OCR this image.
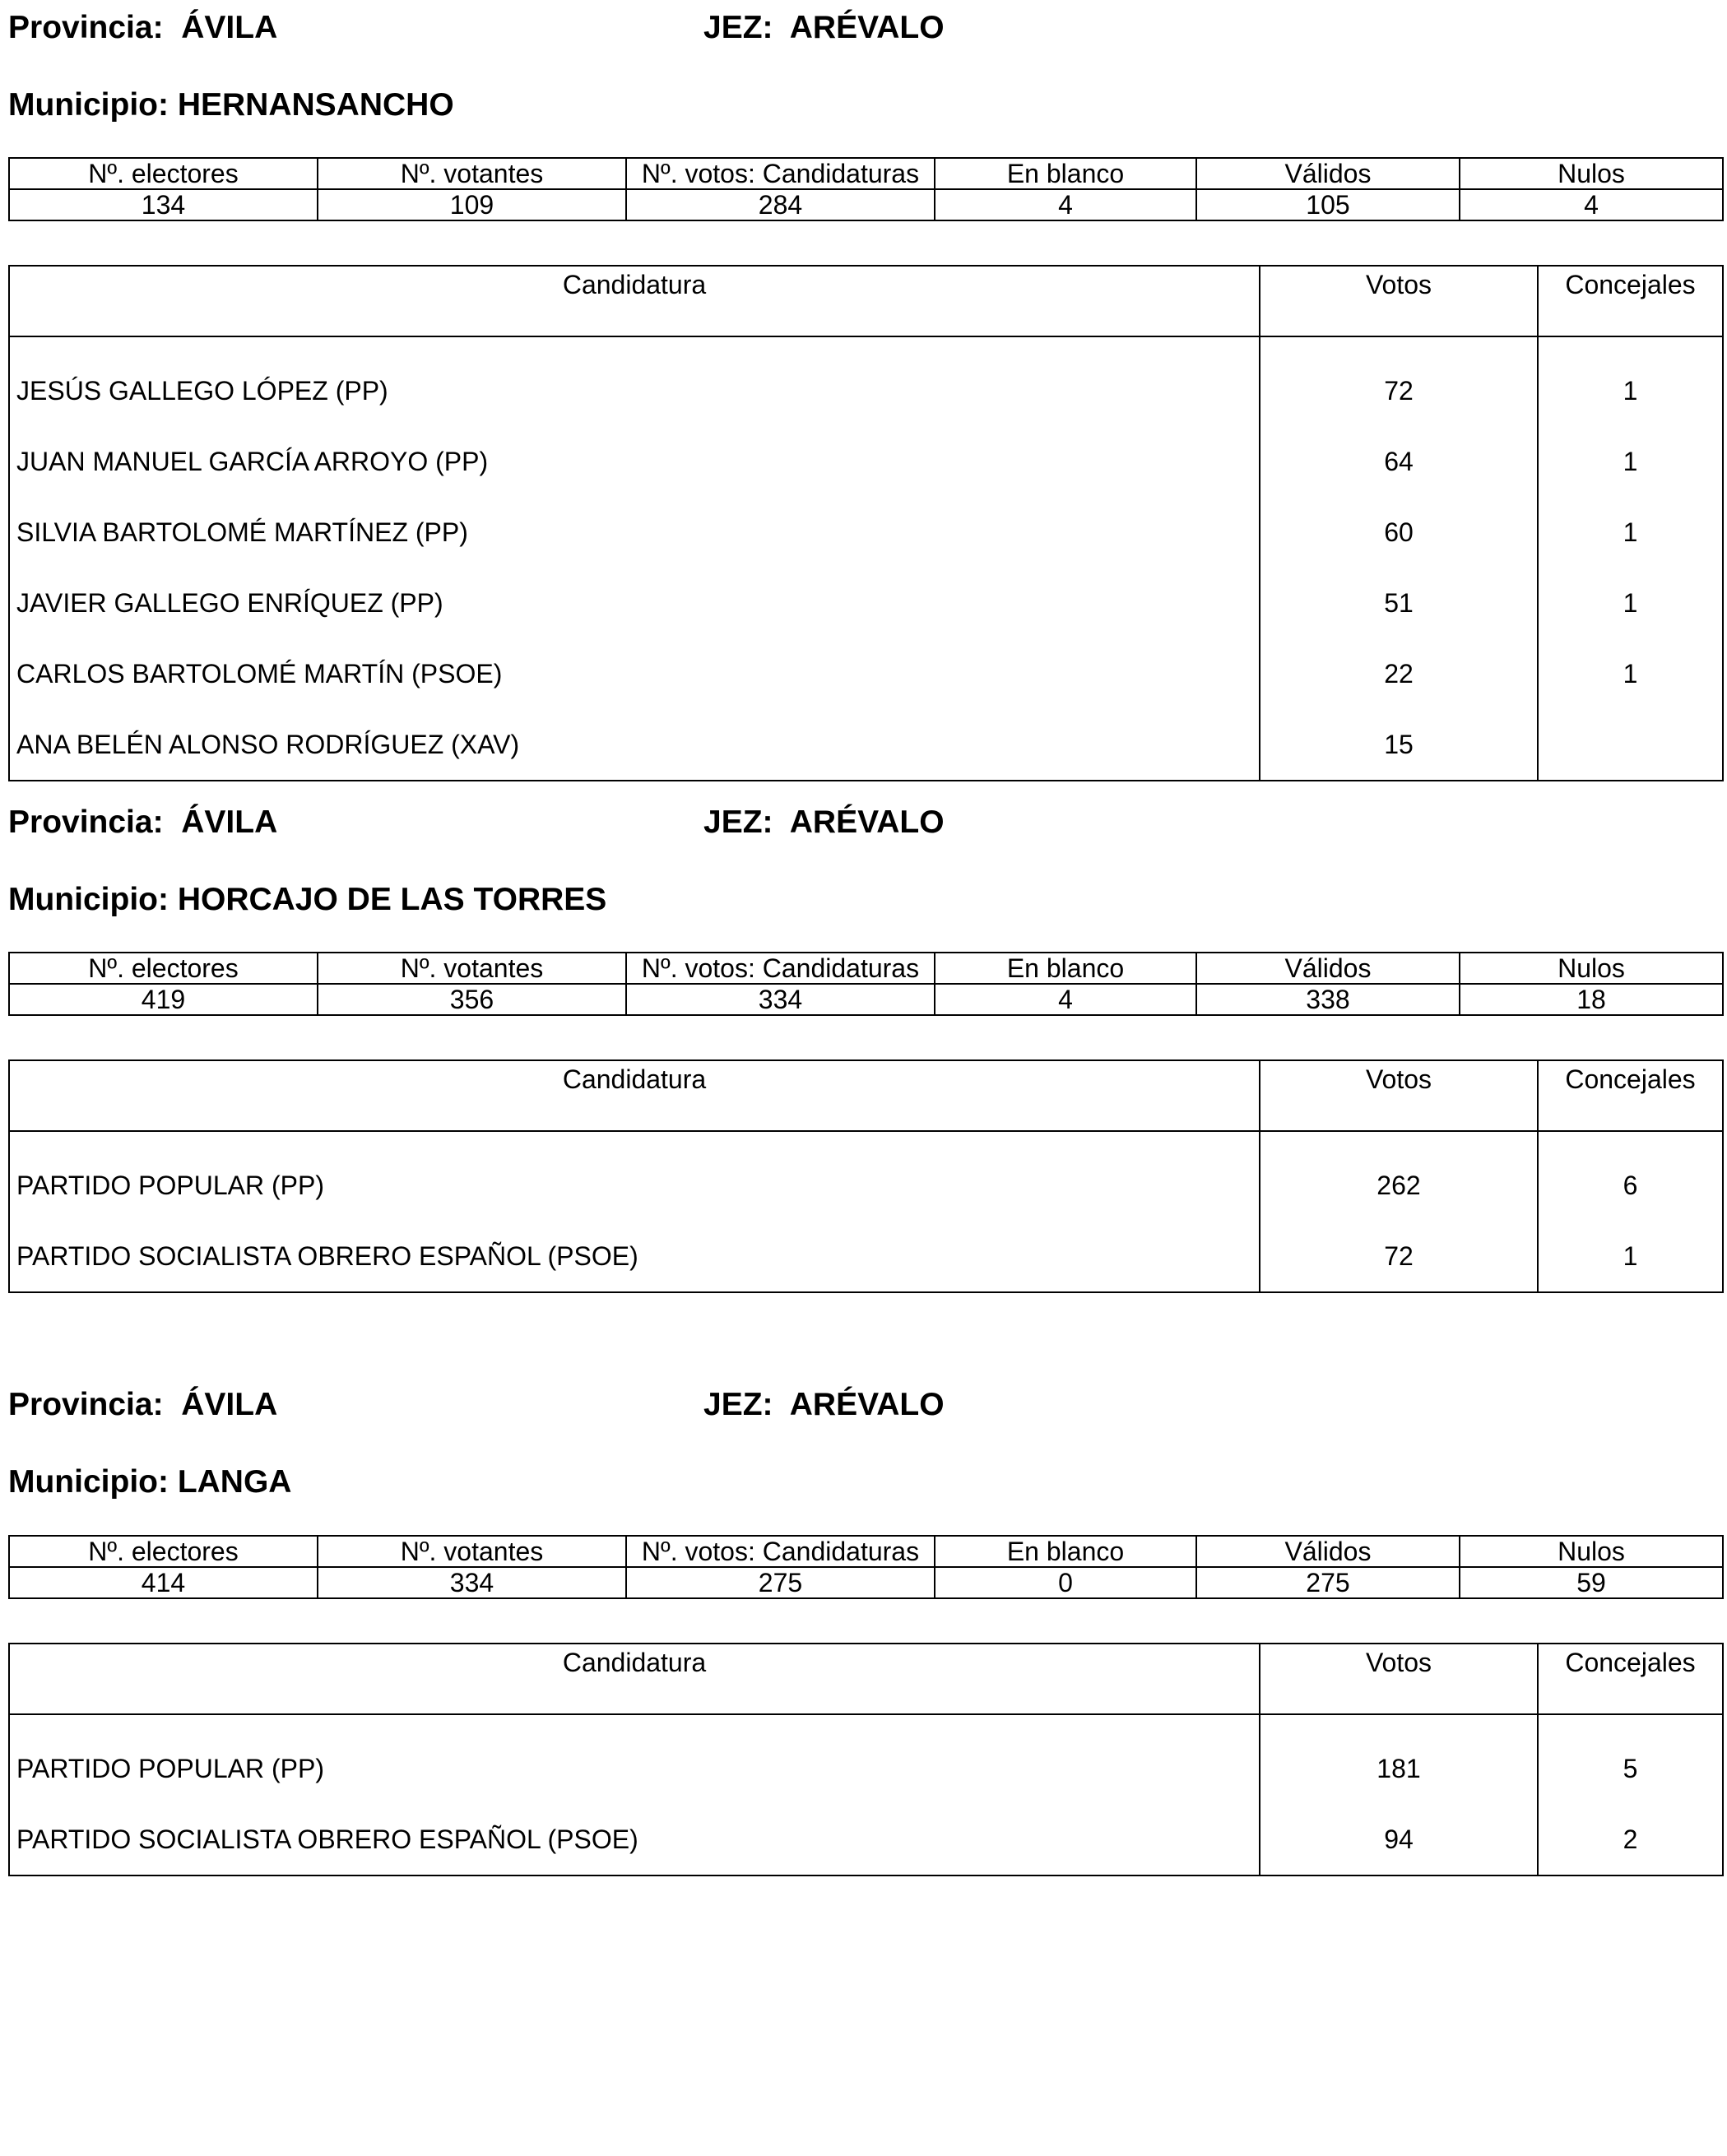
Provincia: ÁVILA	JEZ: ARÉVALO
Municipio: HERNANSANCHO
Nº. electores	Nº. votantes	Nº. votos: Candidaturas	En blanco	Válidos	Nulos
134	109	284	4	105	4
Candidatura	Votos	Concejales
JESÚS GALLEGO LÓPEZ (PP)	72	1
JUAN MANUEL GARCÍA ARROYO (PP)	64	1
SILVIA BARTOLOMÉ MARTÍNEZ (PP)	60	1
JAVIER GALLEGO ENRÍQUEZ (PP)	51	1
CARLOS BARTOLOMÉ MARTÍN (PSOE)	22	1
ANA BELÉN ALONSO RODRÍGUEZ (XAV)	15	
Provincia: ÁVILA	JEZ: ARÉVALO
Municipio: HORCAJO DE LAS TORRES
Nº. electores	Nº. votantes	Nº. votos: Candidaturas	En blanco	Válidos	Nulos
419	356	334	4	338	18
Candidatura	Votos	Concejales
PARTIDO POPULAR (PP)	262	6
PARTIDO SOCIALISTA OBRERO ESPAÑOL (PSOE)	72	1
Provincia: ÁVILA	JEZ: ARÉVALO
Municipio: LANGA
Nº. electores	Nº. votantes	Nº. votos: Candidaturas	En blanco	Válidos	Nulos
414	334	275	0	275	59
Candidatura	Votos	Concejales
PARTIDO POPULAR (PP)	181	5
PARTIDO SOCIALISTA OBRERO ESPAÑOL (PSOE)	94	2
